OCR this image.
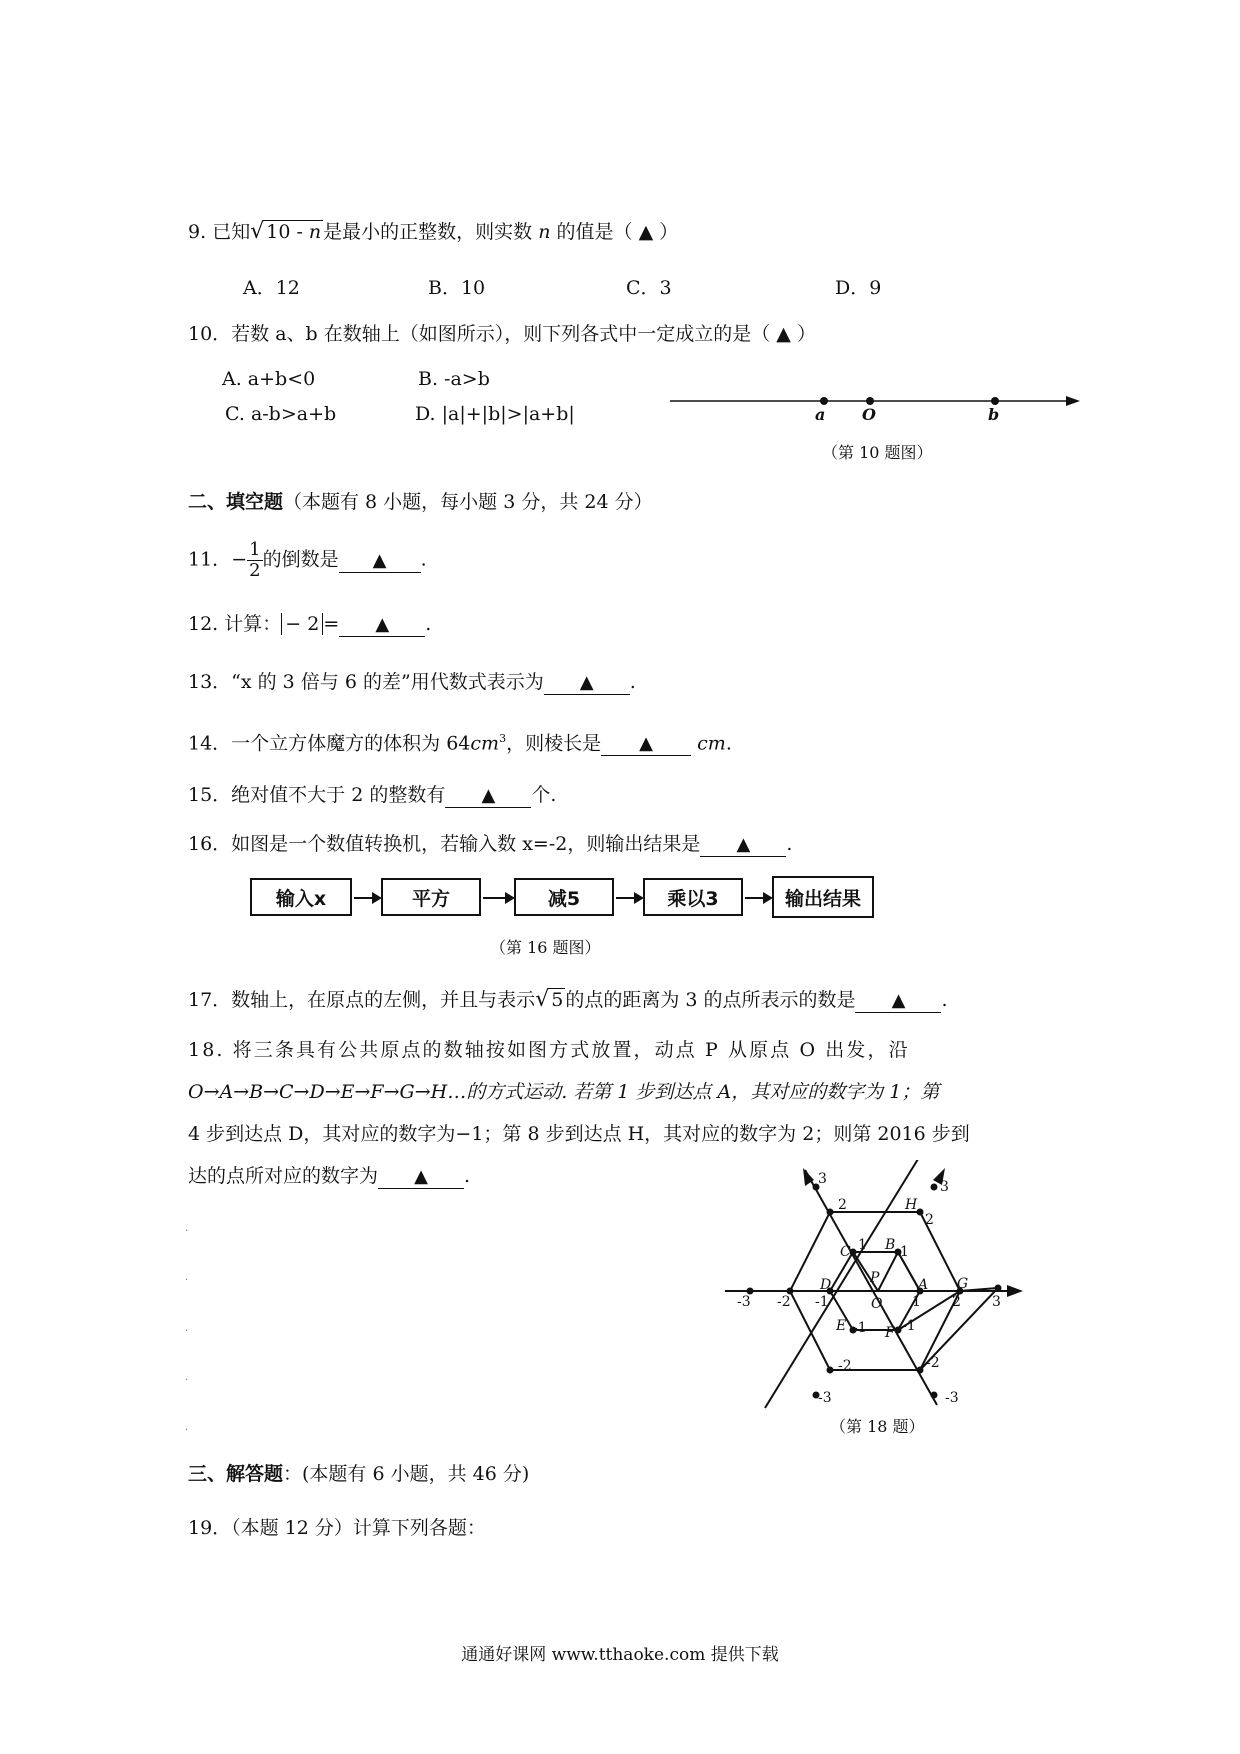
9. 已知√ 10 - n 是最小的正整数，则实数 n 的值是（ ▲ ）
A．12	B．10	C．3	D．9
10．若数 a、b 在数轴上（如图所示），则下列各式中一定成立的是（ ▲ ）
A. a+b<0	B. -a>b
C. a-b>a+b	D. |a|+|b|>|a+b|	a O	b
（第 10 题图）
二、填空题（本题有 8 小题，每小题 3 分，共 24 分）
11．− $\frac{1}{2}$ 的倒数是 ▲ .
12. 计算： − 2 = ▲ .
13．“x 的 3 倍与 6 的差”用代数式表示为 ▲ .
14．一个立方体魔方的体积为 $64cm^3$，则棱长是 ▲ cm.
15．绝对值不大于 2 的整数有 ▲ 个.
16．如图是一个数值转换机，若输入数 x=-2，则输出结果是 ▲ .
输入x	平方	减5	乘以3	输出结果
（第 16 题图）
17．数轴上，在原点的左侧，并且与表示√ 5 的点的距离为 3 的点所表示的数是 ▲ .
18. 将三条具有公共原点的数轴按如图方式放置，动点 P 从原点 O 出发，沿
O→A→B→C→D→E→F→G→H…的方式运动. 若第 1 步到达点 A，其对应的数字为 1；第
4 步到达点 D，其对应的数字为−1；第 8 步到达点 H，其对应的数字为 2；则第 2016 步到
达的点所对应的数字为 ▲ .
-3 -2 -1	1 2 3
3
2
1 1
2
3
-1
-2
-3
-1
-2
-3
A
B
C
D
E	F
G
H
P
O
（第 18 题）
.
.
.
.
.
三、解答题：(本题有 6 小题，共 46 分)
19．（本题 12 分）计算下列各题：
通通好课网 www.tthaoke.com 提供下载
